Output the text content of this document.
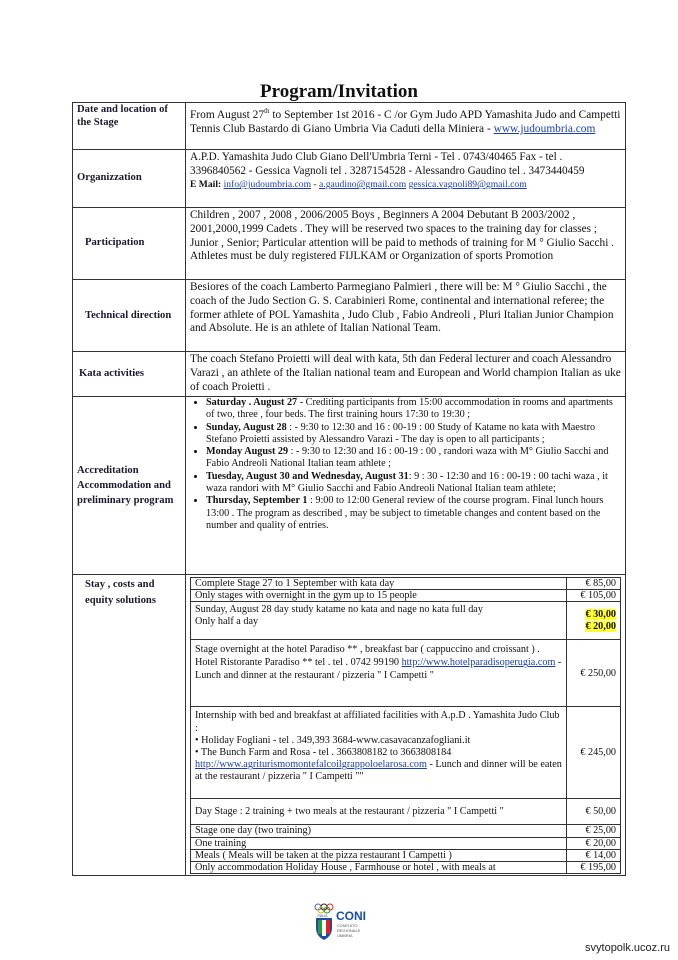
Program/Invitation
Date and location of the Stage	From August 27th to September 1st 2016 - C /or Gym Judo APD Yamashita Judo and Campetti Tennis Club Bastardo di Giano Umbria Via Caduti della Miniera - www.judoumbria.com
Organizzation	A.P.D. Yamashita Judo Club Giano Dell'Umbria Terni - Tel . 0743/40465 Fax - tel . 3396840562 - Gessica Vagnoli tel . 3287154528 - Alessandro Gaudino tel . 3473440459
E Mail: info@judoumbria.com - a.gaudino@gmail.com gessica.vagnoli89@gmail.com
Participation	Children , 2007 , 2008 , 2006/2005 Boys , Beginners A 2004 Debutant B 2003/2002 , 2001,2000,1999 Cadets . They will be reserved two spaces to the training day for classes ; Junior , Senior; Particular attention will be paid to methods of training for M ° Giulio Sacchi . Athletes must be duly registered FIJLKAM or Organization of sports Promotion
Technical direction	Besiores of the coach Lamberto Parmegiano Palmieri , there will be: M ° Giulio Sacchi , the coach of the Judo Section G. S. Carabinieri Rome, continental and international referee; the former athlete of POL Yamashita , Judo Club , Fabio Andreoli , Pluri Italian Junior Champion and Absolute. He is an athlete of Italian National Team.
Kata activities	The coach Stefano Proietti will deal with kata, 5th dan Federal lecturer and coach Alessandro Varazi , an athlete of the Italian national team and European and World champion Italian as uke of coach Proietti .
Accreditation Accommodation and preliminary program	
• Saturday . August 27 - Crediting participants from 15:00 accommodation in rooms and apartments of two, three , four beds. The first training hours 17:30 to 19:30 ;
• Sunday, August 28 : - 9:30 to 12:30 and 16 : 00-19 : 00 Study of Katame no kata with Maestro Stefano Proietti assisted by Alessandro Varazi - The day is open to all participants ;
• Monday August 29 : - 9:30 to 12:30 and 16 : 00-19 : 00 , randori waza with M° Giulio Sacchi and Fabio Andreoli National Italian team athlete ;
• Tuesday, August 30 and Wednesday, August 31: 9 : 30 - 12:30 and 16 : 00-19 : 00 tachi waza , it waza randori with M° Giulio Sacchi and Fabio Andreoli National Italian team athlete;
• Thursday, September 1 : 9:00 to 12:00 General review of the course program. Final lunch hours 13:00 . The program as described , may be subject to timetable changes and content based on the number and quality of entries.

Stay , costs and equity solutions	
Complete Stage 27 to 1 September with kata day	€ 85,00
Only stages with overnight in the gym up to 15 people	€ 105,00
Sunday, August 28 day study katame no kata and nage no kata full day
Only half a day	€ 30,00
€ 20,00
Stage overnight at the hotel Paradiso ** , breakfast bar ( cappuccino and croissant ) . Hotel Ristorante Paradiso ** tel . tel . 0742 99190 http://www.hotelparadisoperugia.com - Lunch and dinner at the restaurant / pizzeria " I Campetti "	€ 250,00
Internship with bed and breakfast at affiliated facilities with A.p.D . Yamashita Judo Club :
• Holiday Fogliani - tel . 349,393 3684-www.casavacanzafogliani.it
• The Bunch Farm and Rosa - tel . 3663808182 to 3663808184
http://www.agriturismomontefalcoilgrappoloelarosa.com - Lunch and dinner will be eaten at the restaurant / pizzeria " I Campetti ""	€ 245,00
Day Stage : 2 training + two meals at the restaurant / pizzeria " I Campetti "	€ 50,00
Stage one day (two training)	€ 25,00
One training	€ 20,00
Meals ( Meals will be taken at the pizza restaurant I Campetti )	€ 14,00
Only accommodation Holiday House , Farmhouse or hotel , with meals at	€ 195,00
CONI
COMITATO
REGIONALE
UMBRIA
ITALIA
svytopolk.ucoz.ru
